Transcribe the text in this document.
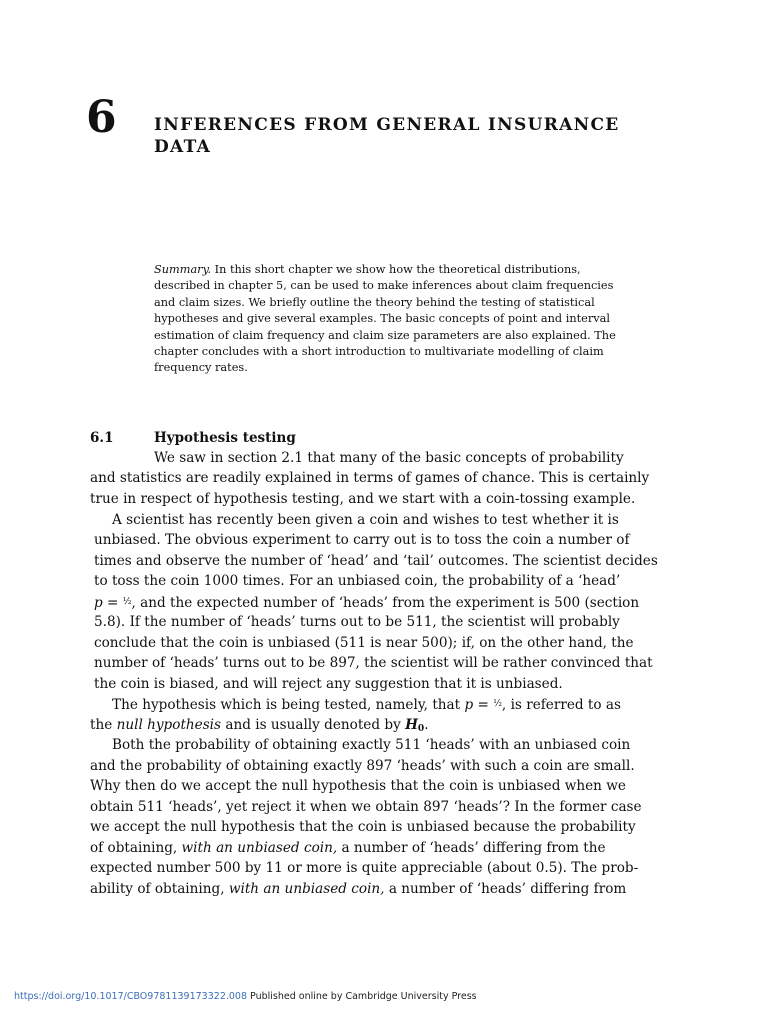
6 INFERENCES FROM GENERAL INSURANCE
DATA
Summary. In this short chapter we show how the theoretical distributions,
described in chapter 5, can be used to make inferences about claim frequencies
and claim sizes. We briefly outline the theory behind the testing of statistical
hypotheses and give several examples. The basic concepts of point and interval
estimation of claim frequency and claim size parameters are also explained. The
chapter concludes with a short introduction to multivariate modelling of claim
frequency rates.
6.1	Hypothesis testing
We saw in section 2.1 that many of the basic concepts of probability
and statistics are readily explained in terms of games of chance. This is certainly
true in respect of hypothesis testing, and we start with a coin-tossing example.
A scientist has recently been given a coin and wishes to test whether it is
unbiased. The obvious experiment to carry out is to toss the coin a number of
times and observe the number of ‘head’ and ‘tail’ outcomes. The scientist decides
to toss the coin 1000 times. For an unbiased coin, the probability of a ‘head’
p = $^{\frac{1}{2}}$, and the expected number of ‘heads’ from the experiment is 500 (section
5.8). If the number of ‘heads’ turns out to be 511, the scientist will probably
conclude that the coin is unbiased (511 is near 500); if, on the other hand, the
number of ‘heads’ turns out to be 897, the scientist will be rather convinced that
the coin is biased, and will reject any suggestion that it is unbiased.
The hypothesis which is being tested, namely, that p = $^{\frac{1}{2}}$, is referred to as
the null hypothesis and is usually denoted by $H_0$.
Both the probability of obtaining exactly 511 ‘heads’ with an unbiased coin
and the probability of obtaining exactly 897 ‘heads’ with such a coin are small.
Why then do we accept the null hypothesis that the coin is unbiased when we
obtain 511 ‘heads’, yet reject it when we obtain 897 ‘heads’? In the former case
we accept the null hypothesis that the coin is unbiased because the probability
of obtaining, with an unbiased coin, a number of ‘heads’ differing from the
expected number 500 by 11 or more is quite appreciable (about 0.5). The prob-
ability of obtaining, with an unbiased coin, a number of ‘heads’ differing from
https://doi.org/10.1017/CBO9781139173322.008 Published online by Cambridge University Press
